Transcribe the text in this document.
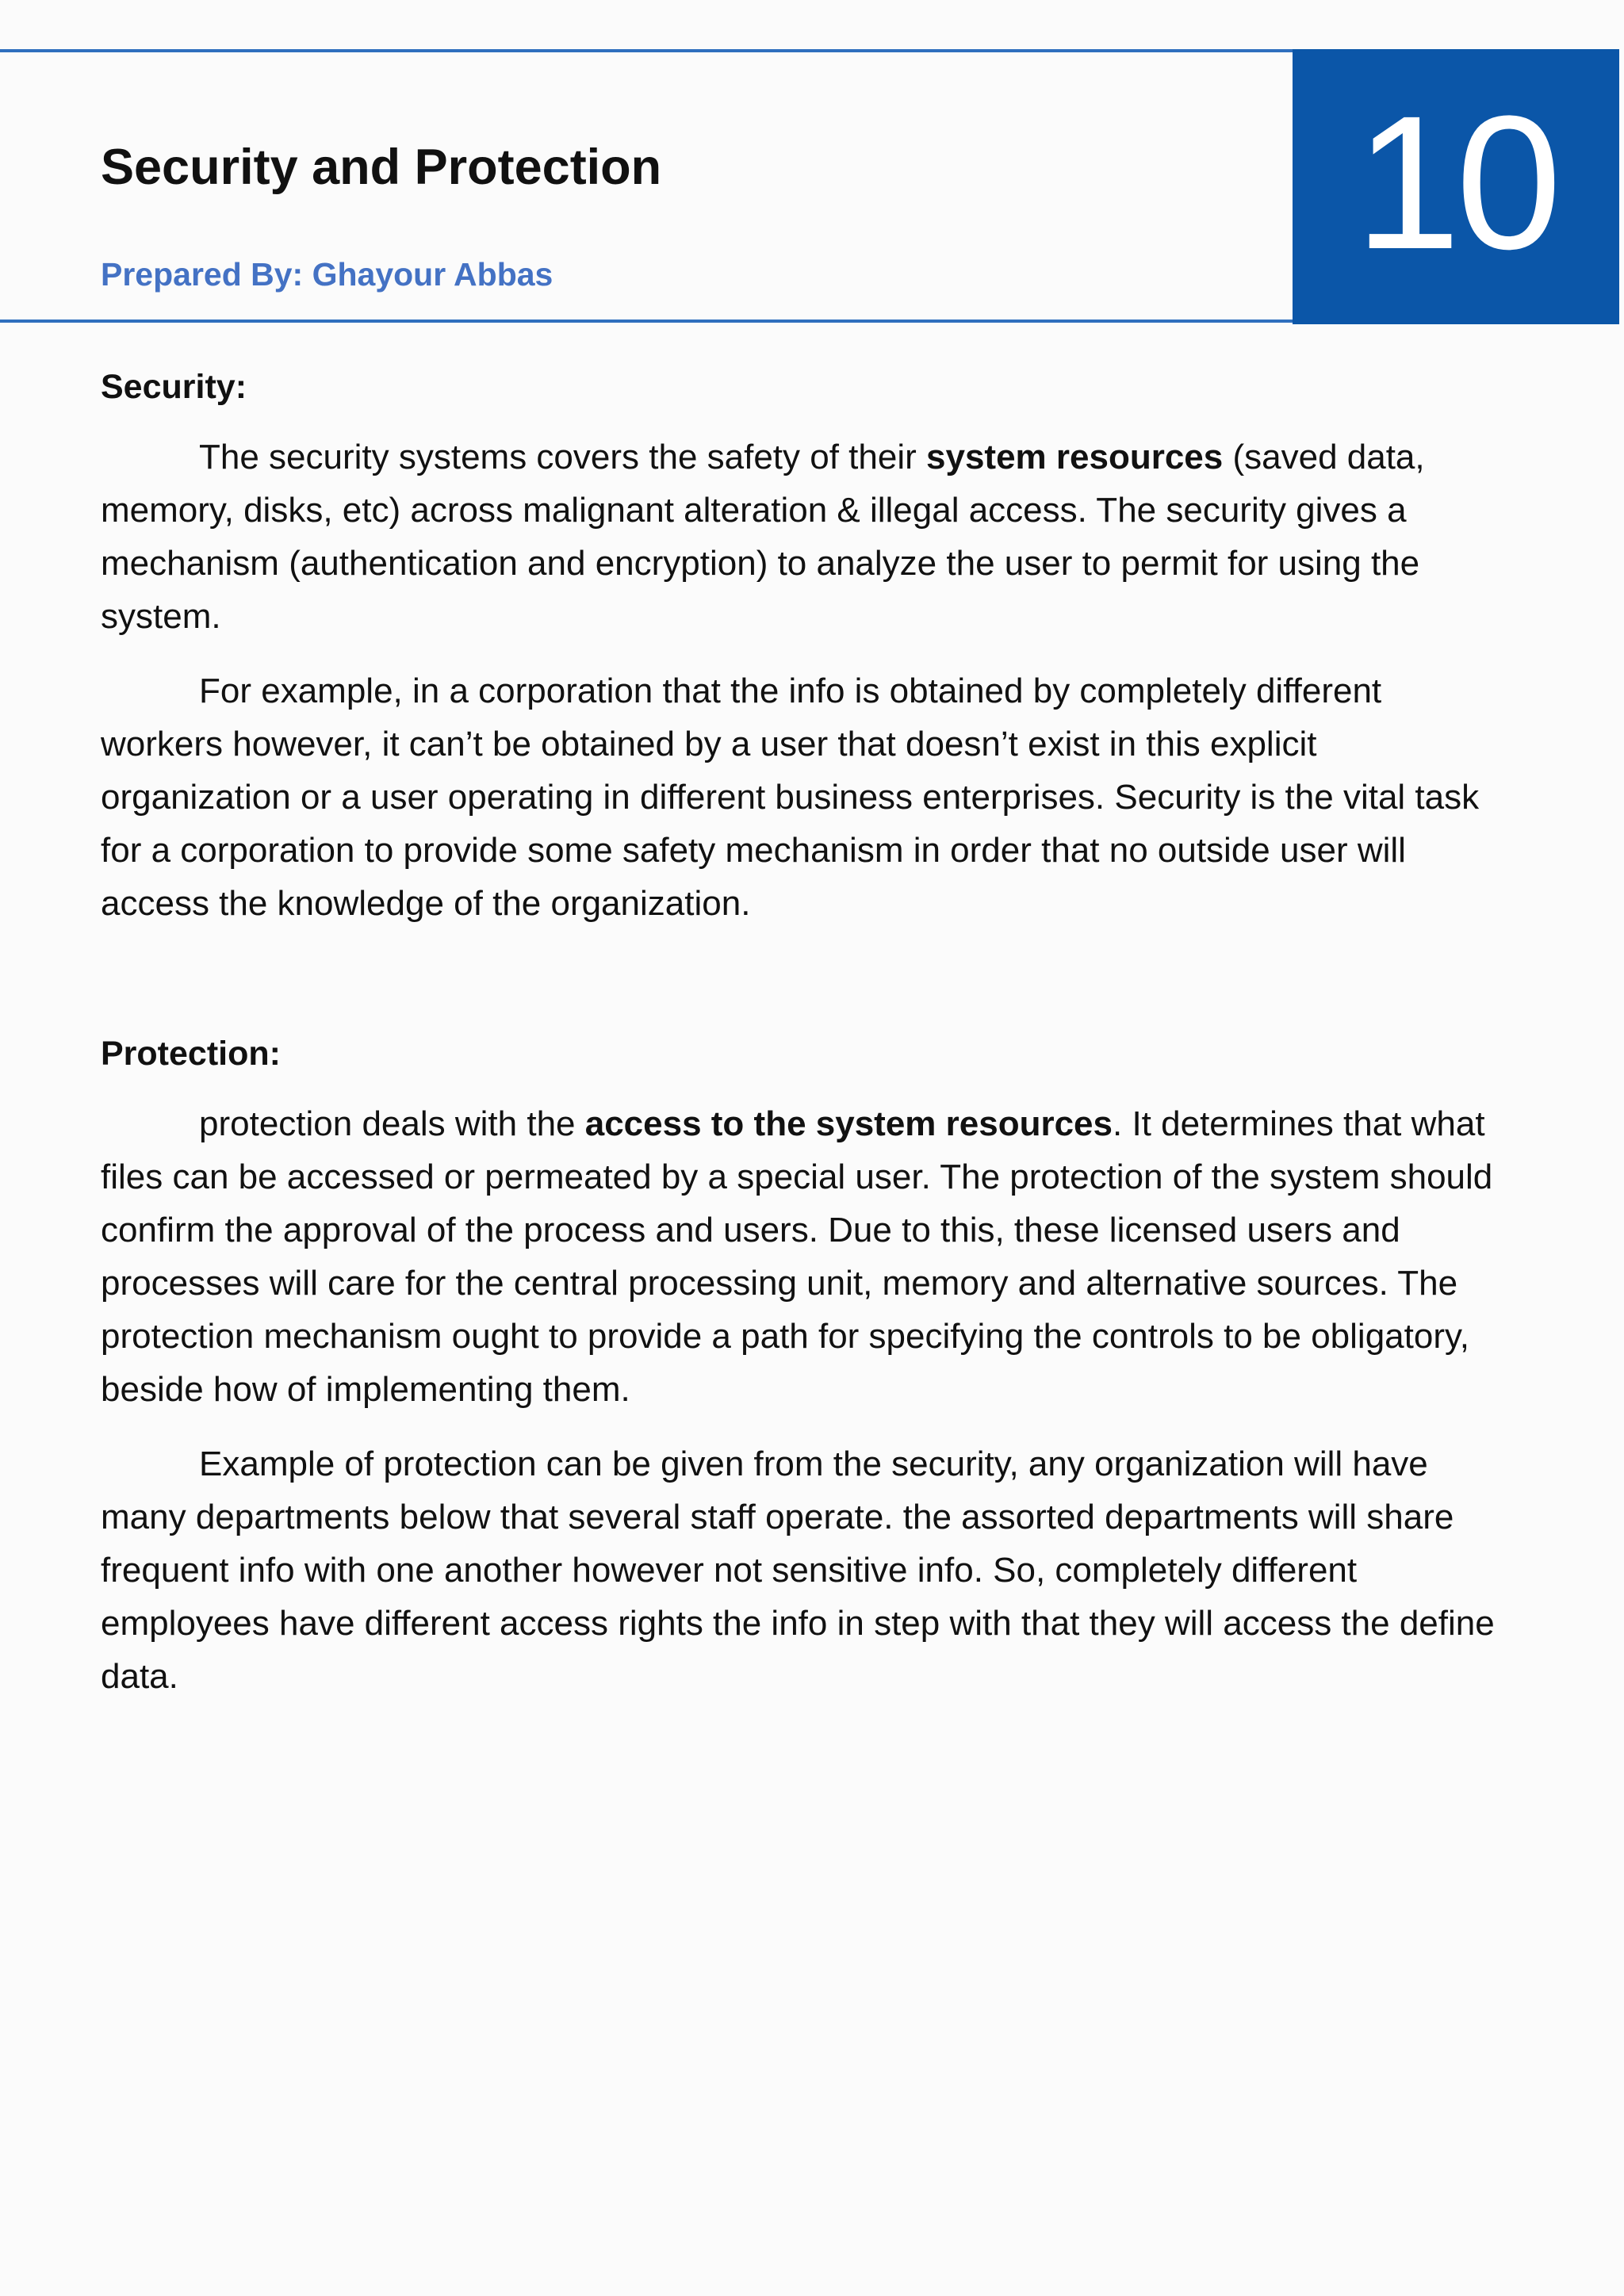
Security and Protection

Prepared By: Ghayour Abbas	10
Security:

The security systems covers the safety of their system resources (saved data, memory, disks, etc) across malignant alteration & illegal access. The security gives a mechanism (authentication and encryption) to analyze the user to permit for using the system.

For example, in a corporation that the info is obtained by completely different workers however, it can’t be obtained by a user that doesn’t exist in this explicit organization or a user operating in different business enterprises. Security is the vital task for a corporation to provide some safety mechanism in order that no outside user will access the knowledge of the organization.

Protection:

protection deals with the access to the system resources. It determines that what files can be accessed or permeated by a special user. The protection of the system should confirm the approval of the process and users. Due to this, these licensed users and processes will care for the central processing unit, memory and alternative sources. The protection mechanism ought to provide a path for specifying the controls to be obligatory, beside how of implementing them.

Example of protection can be given from the security, any organization will have many departments below that several staff operate. the assorted departments will share frequent info with one another however not sensitive info. So, completely different employees have different access rights the info in step with that they will access the define data.
